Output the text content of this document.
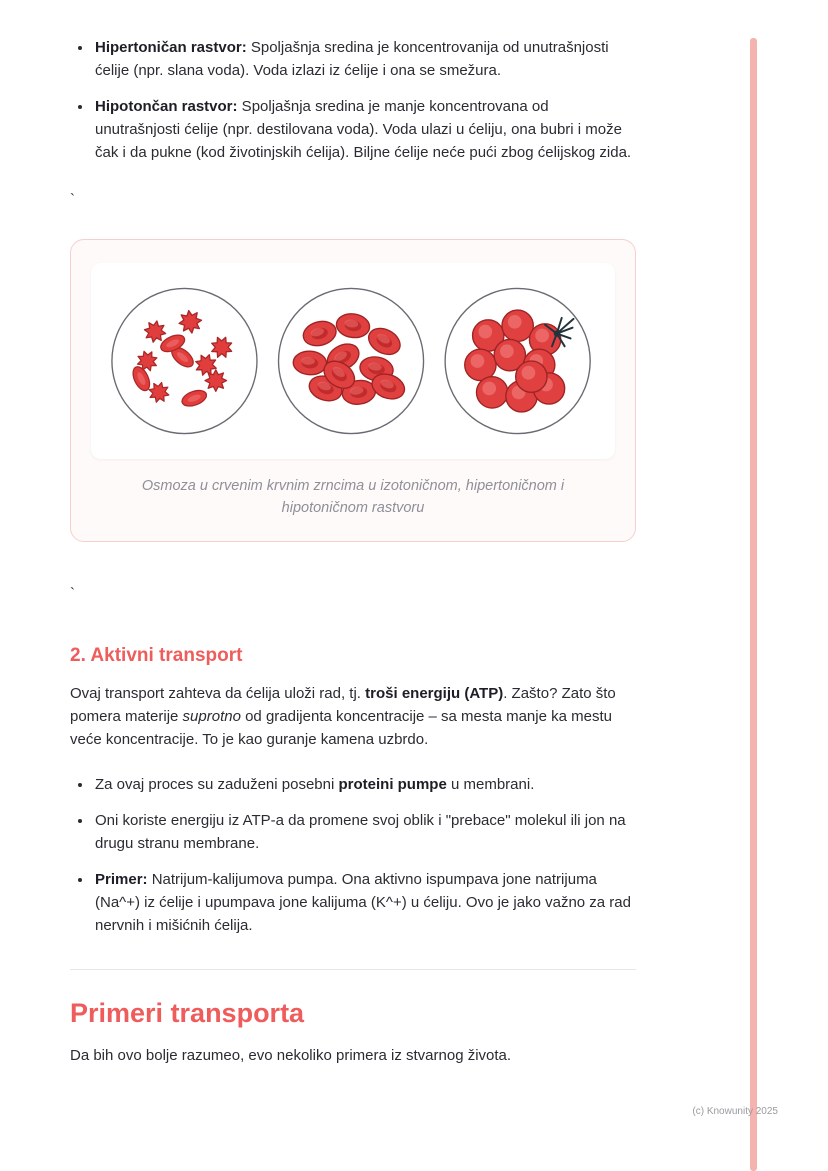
• Hipertoničan rastvor: Spoljašnja sredina je koncentrovanija od unutrašnjosti ćelije (npr. slana voda). Voda izlazi iz ćelije i ona se smežura.
• Hipotončan rastvor: Spoljašnja sredina je manje koncentrovana od unutrašnjosti ćelije (npr. destilovana voda). Voda ulazi u ćeliju, ona bubri i može čak i da pukne (kod životinjskih ćelija). Biljne ćelije neće pući zbog ćelijskog zida.
`
Osmoza u crvenim krvnim zrncima u izotoničnom, hipertoničnom i hipotoničnom rastvoru
`
2. Aktivni transport

Ovaj transport zahteva da ćelija uloži rad, tj. troši energiju (ATP). Zašto? Zato što pomera materije suprotno od gradijenta koncentracije – sa mesta manje ka mestu veće koncentracije. To je kao guranje kamena uzbrdo.

• Za ovaj proces su zaduženi posebni proteini pumpe u membrani.
• Oni koriste energiju iz ATP-a da promene svoj oblik i "prebace" molekul ili jon na drugu stranu membrane.
• Primer: Natrijum-kalijumova pumpa. Ona aktivno ispumpava jone natrijuma (Na^+) iz ćelije i upumpava jone kalijuma (K^+) u ćeliju. Ovo je jako važno za rad nervnih i mišićnih ćelija.
Primeri transporta

Da bih ovo bolje razumeo, evo nekoliko primera iz stvarnog života.

(c) Knowunity 2025
